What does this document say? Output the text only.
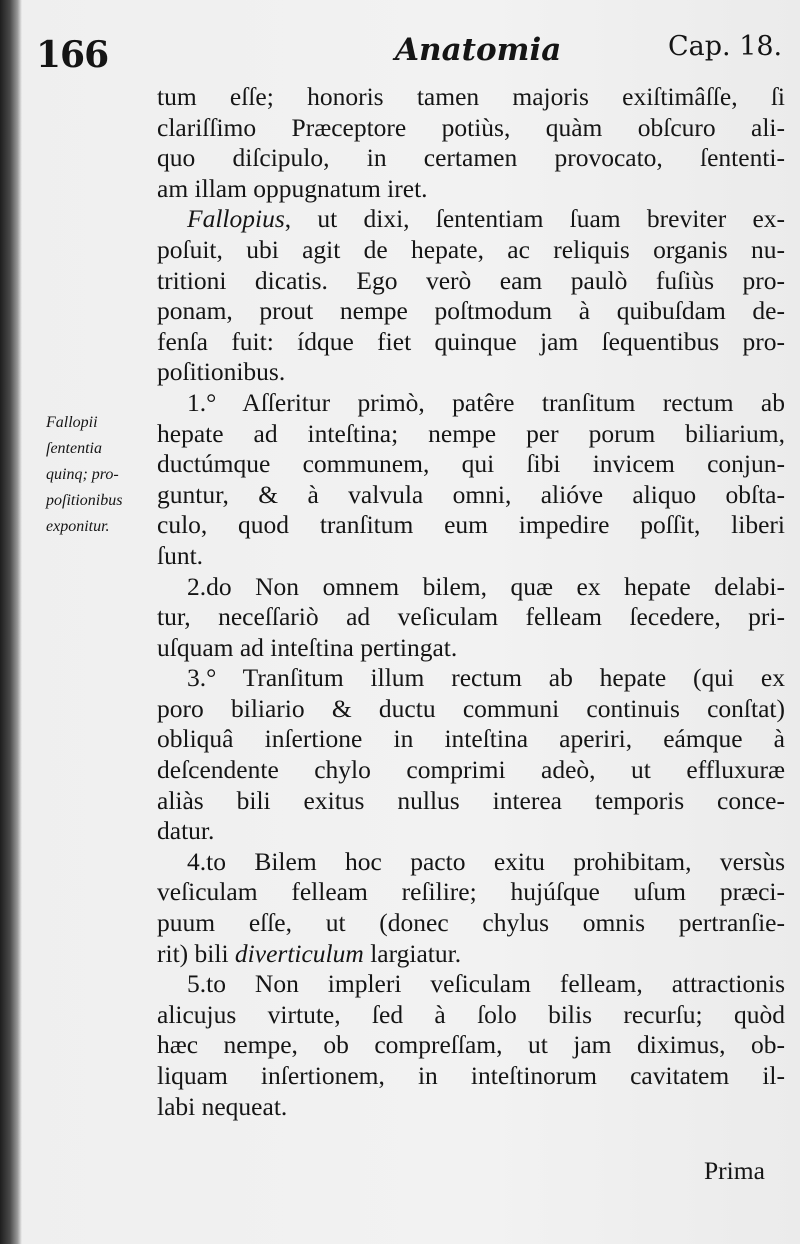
166	Anatomia	Cap. 18.
Fallopii
ſententia
quinq; pro-
poſitionibus
exponitur.
tum eſſe; honoris tamen majoris exiſtimâſſe, ſi
clariſſimo Præceptore potiùs, quàm obſcuro ali-
quo diſcipulo, in certamen provocato, ſententi-
am illam oppugnatum iret.
Fallopius, ut dixi, ſententiam ſuam breviter ex-
poſuit, ubi agit de hepate, ac reliquis organis nu-
tritioni dicatis. Ego verò eam paulò fuſiùs pro-
ponam, prout nempe poſtmodum à quibuſdam de-
fenſa fuit: ídque fiet quinque jam ſequentibus pro-
poſitionibus.
1.° Aſſeritur primò, patêre tranſitum rectum ab
hepate ad inteſtina; nempe per porum biliarium,
ductúmque communem, qui ſibi invicem conjun-
guntur, & à valvula omni, alióve aliquo obſta-
culo, quod tranſitum eum impedire poſſit, liberi
ſunt.
2.do Non omnem bilem, quæ ex hepate delabi-
tur, neceſſariò ad veſiculam felleam ſecedere, pri-
uſquam ad inteſtina pertingat.
3.° Tranſitum illum rectum ab hepate (qui ex
poro biliario & ductu communi continuis conſtat)
obliquâ inſertione in inteſtina aperiri, eámque à
deſcendente chylo comprimi adeò, ut effluxuræ
aliàs bili exitus nullus interea temporis conce-
datur.
4.to Bilem hoc pacto exitu prohibitam, versùs
veſiculam felleam reſilire; hujúſque uſum præci-
puum eſſe, ut (donec chylus omnis pertranſie-
rit) bili diverticulum largiatur.
5.to Non impleri veſiculam felleam, attractionis
alicujus virtute, ſed à ſolo bilis recurſu; quòd
hæc nempe, ob compreſſam, ut jam diximus, ob-
liquam inſertionem, in inteſtinorum cavitatem il-
labi nequeat.
Prima
